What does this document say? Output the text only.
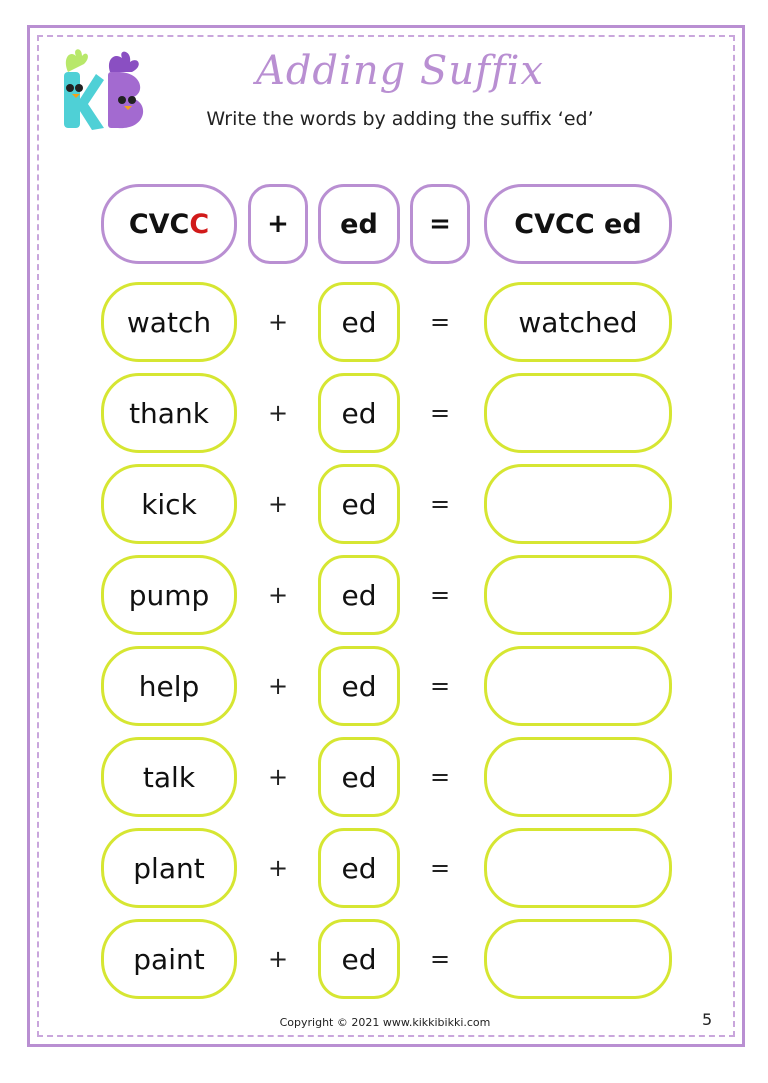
Adding Suffix
Write the words by adding the suffix ‘ed’
CVC C	+	ed	=	CVCC ed
watch	+	ed	=	watched
thank	+	ed	=
kick	+	ed	=
pump	+	ed	=
help	+	ed	=
talk	+	ed	=
plant	+	ed	=
paint	+	ed	=
Copyright © 2021 www.kikkibikki.com	5
